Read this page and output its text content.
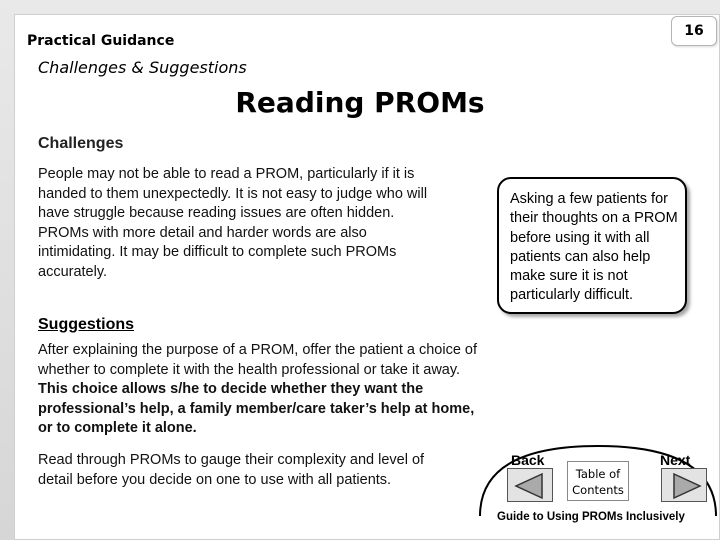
16
Practical Guidance
Challenges & Suggestions
Reading PROMs
Challenges
People may not be able to read a PROM, particularly if it is handed to them unexpectedly. It is not easy to judge who will have struggle because reading issues are often hidden.
PROMs with more detail and harder words are also intimidating. It may be difficult to complete such PROMs accurately.
Asking a few patients for their thoughts on a PROM before using it with all patients can also help make sure it is not particularly difficult.
Suggestions
After explaining the purpose of a PROM, offer the patient a choice of whether to complete it with the health professional or take it away. This choice allows s/he to decide whether they want the professional’s help, a family member/care taker’s help at home, or to complete it alone.
Read through PROMs to gauge their complexity and level of detail before you decide on one to use with all patients.
Back
Table of Contents
Next
Guide to Using PROMs Inclusively
